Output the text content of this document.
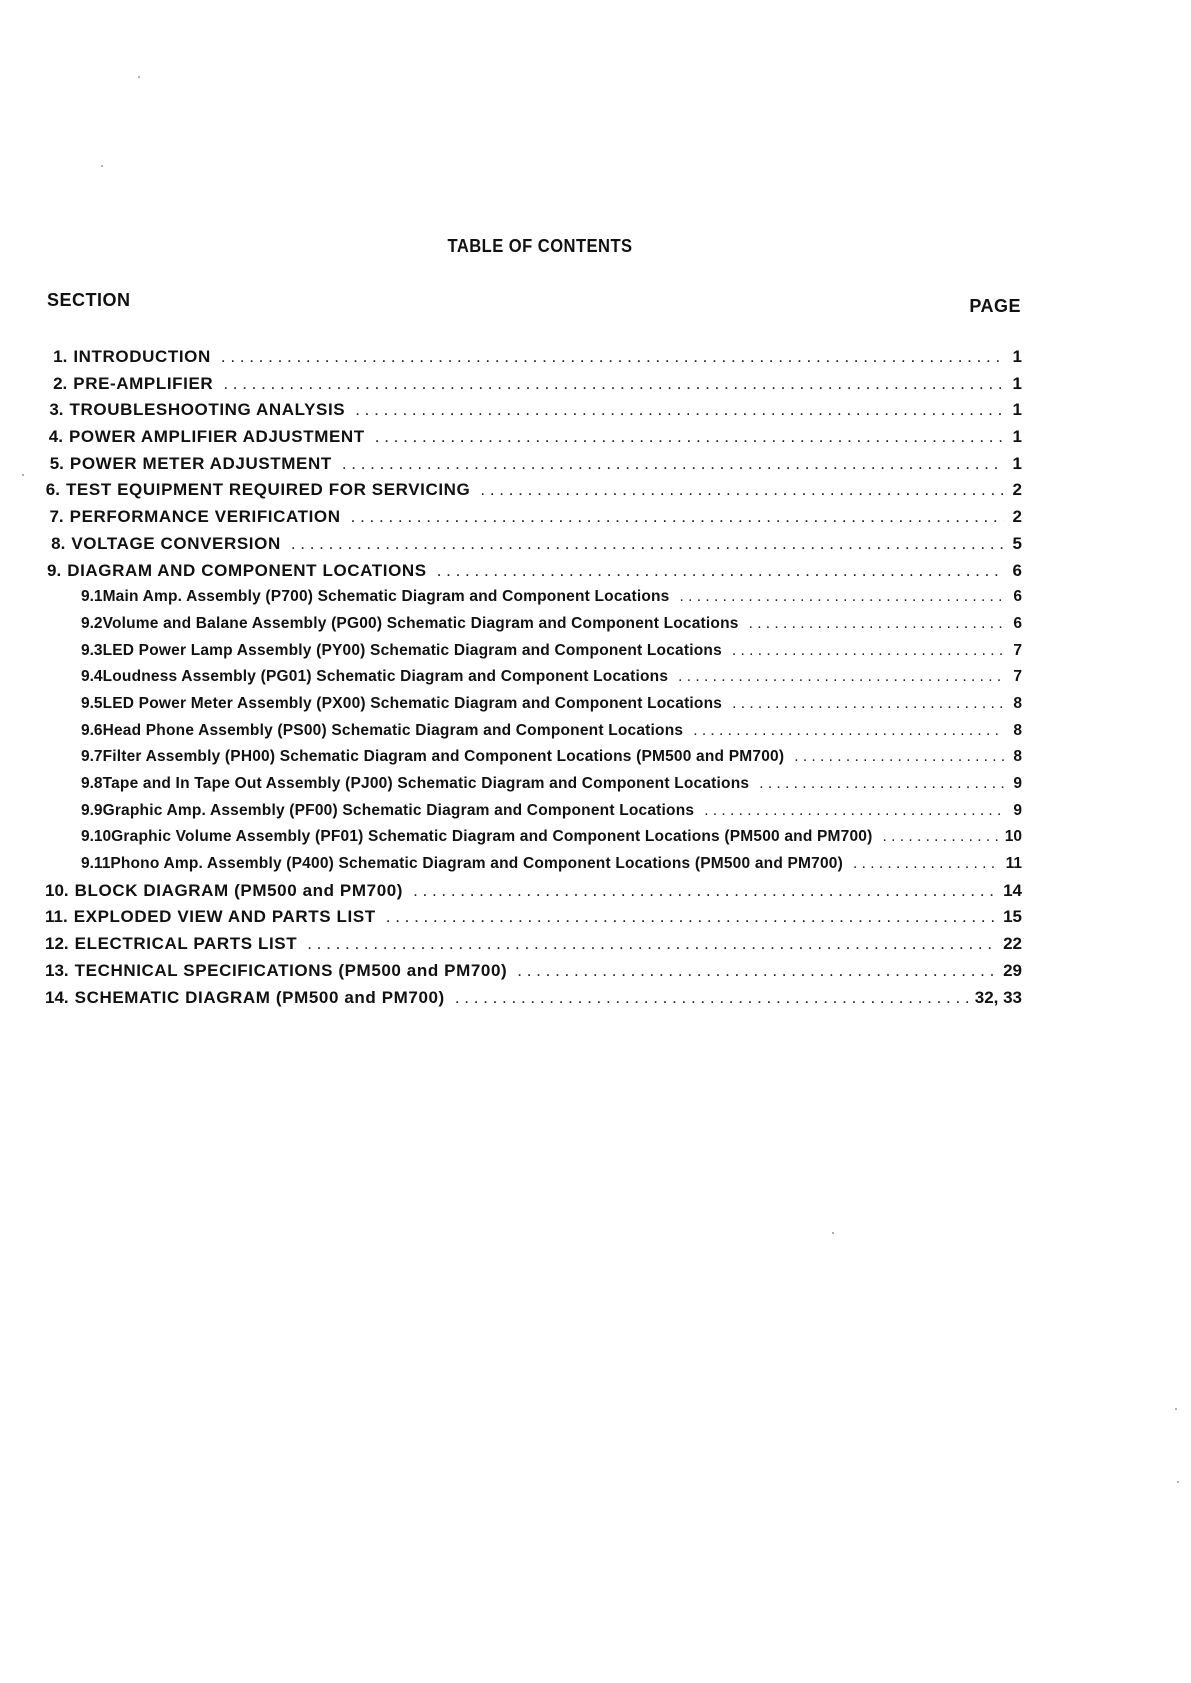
TABLE OF CONTENTS
SECTION	PAGE
1. INTRODUCTION . . .	1
2. PRE-AMPLIFIER . . .	1
3. TROUBLESHOOTING ANALYSIS . . .	1
4. POWER AMPLIFIER ADJUSTMENT . . .	1
5. POWER METER ADJUSTMENT . . .	1
6. TEST EQUIPMENT REQUIRED FOR SERVICING . . .	2
7. PERFORMANCE VERIFICATION . . .	2
8. VOLTAGE CONVERSION . . .	5
9. DIAGRAM AND COMPONENT LOCATIONS . . .	6
9.1 Main Amp. Assembly (P700) Schematic Diagram and Component Locations . . .	6
9.2 Volume and Balane Assembly (PG00) Schematic Diagram and Component Locations . . .	6
9.3 LED Power Lamp Assembly (PY00) Schematic Diagram and Component Locations . . .	7
9.4 Loudness Assembly (PG01) Schematic Diagram and Component Locations . . .	7
9.5 LED Power Meter Assembly (PX00) Schematic Diagram and Component Locations . . .	8
9.6 Head Phone Assembly (PS00) Schematic Diagram and Component Locations . . .	8
9.7 Filter Assembly (PH00) Schematic Diagram and Component Locations (PM500 and PM700) . . .	8
9.8 Tape and In Tape Out Assembly (PJ00) Schematic Diagram and Component Locations . . .	9
9.9 Graphic Amp. Assembly (PF00) Schematic Diagram and Component Locations . . .	9
9.10 Graphic Volume Assembly (PF01) Schematic Diagram and Component Locations (PM500 and PM700) . . .	10
9.11 Phono Amp. Assembly (P400) Schematic Diagram and Component Locations (PM500 and PM700) . . .	11
10. BLOCK DIAGRAM (PM500 and PM700) . . .	14
11. EXPLODED VIEW AND PARTS LIST . . .	15
12. ELECTRICAL PARTS LIST . . .	22
13. TECHNICAL SPECIFICATIONS (PM500 and PM700) . . .	29
14. SCHEMATIC DIAGRAM (PM500 and PM700) . . .	32, 33
